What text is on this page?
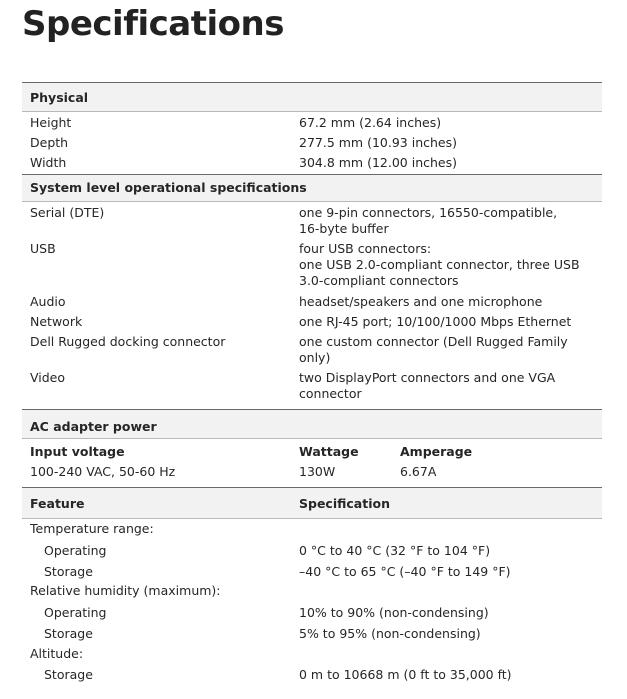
Specifications
Physical
Height	67.2 mm (2.64 inches)
Depth	277.5 mm (10.93 inches)
Width	304.8 mm (12.00 inches)
System level operational specifications
Serial (DTE)	one 9-pin connectors, 16550-compatible,
16-byte buffer
USB	four USB connectors:
one USB 2.0-compliant connector, three USB
3.0-compliant connectors
Audio	headset/speakers and one microphone
Network	one RJ-45 port; 10/100/1000 Mbps Ethernet
Dell Rugged docking connector	one custom connector (Dell Rugged Family
only)
Video	two DisplayPort connectors and one VGA
connector
AC adapter power
Input voltage	Wattage	Amperage
100-240 VAC, 50-60 Hz	130W	6.67A
Feature	Specification
Temperature range:
Operating	0 °C to 40 °C (32 °F to 104 °F)
Storage	–40 °C to 65 °C (–40 °F to 149 °F)
Relative humidity (maximum):
Operating	10% to 90% (non-condensing)
Storage	5% to 95% (non-condensing)
Altitude:
Storage	0 m to 10668 m (0 ft to 35,000 ft)
